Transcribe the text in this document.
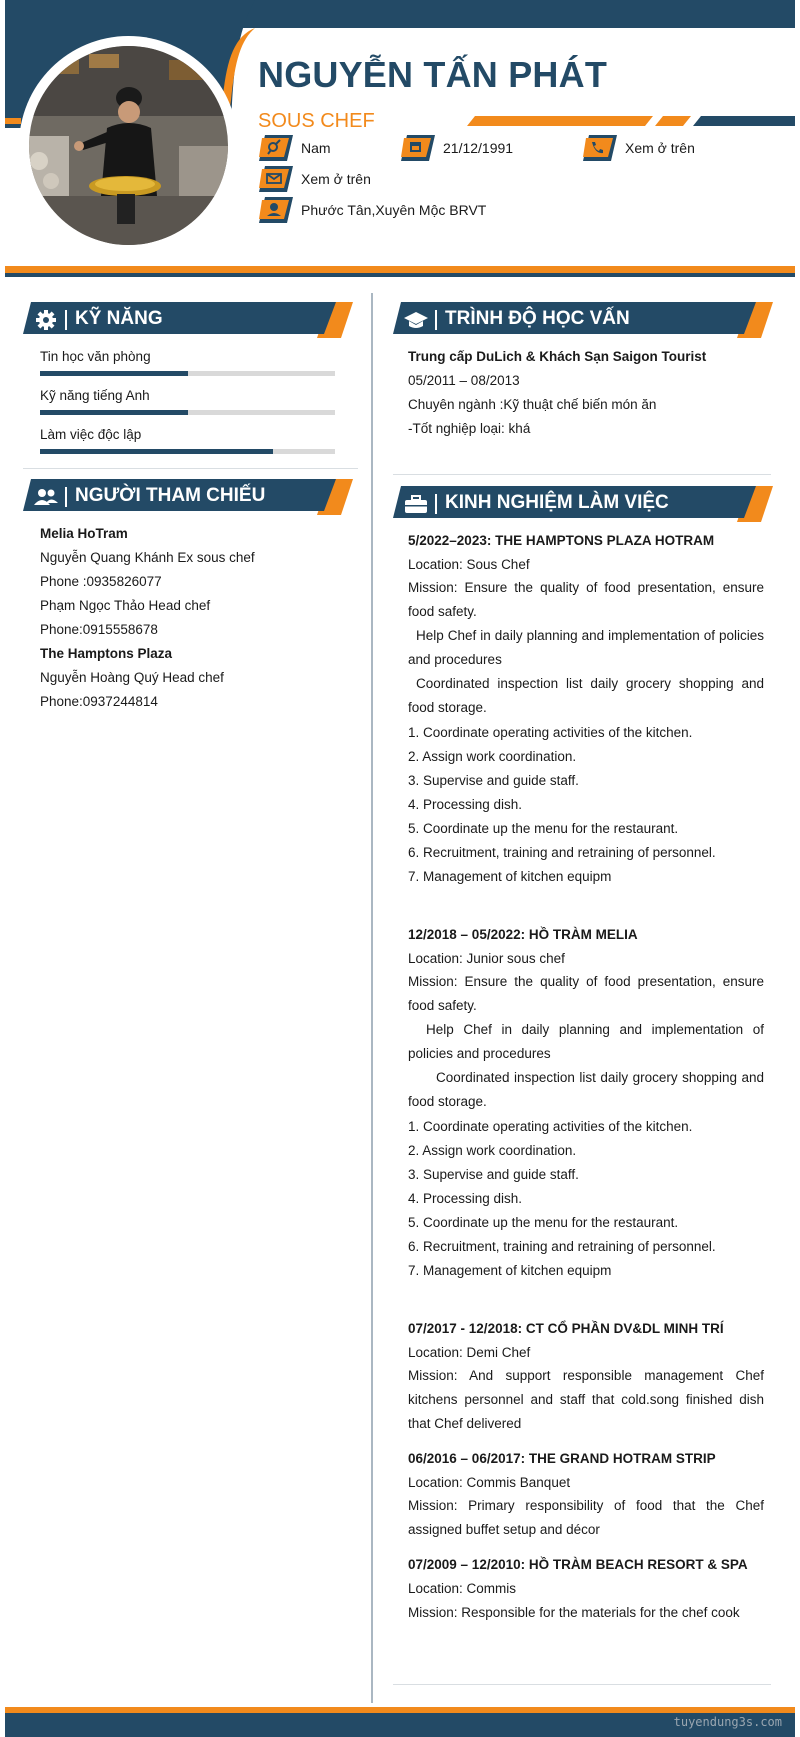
NGUYỄN TẤN PHÁT
SOUS CHEF
Nam	21/12/1991	Xem ở trên
Xem ở trên
Phước Tân,Xuyên Mộc BRVT
KỸ NĂNG
Tin học văn phòng
Kỹ năng tiếng Anh
Làm việc độc lập
NGƯỜI THAM CHIẾU
Melia HoTram
Nguyễn Quang Khánh Ex sous chef
Phone :0935826077
Phạm Ngọc Thảo Head chef
Phone:0915558678
The Hamptons Plaza
Nguyễn Hoàng Quý Head chef
Phone:0937244814
TRÌNH ĐỘ HỌC VẤN
Trung cấp DuLich & Khách Sạn Saigon Tourist
05/2011 – 08/2013
Chuyên ngành :Kỹ thuật chế biến món ăn
-Tốt nghiệp loại: khá
KINH NGHIỆM LÀM VIỆC
5/2022–2023: THE HAMPTONS PLAZA HOTRAM
Location: Sous Chef
Mission: Ensure the quality of food presentation, ensure food safety.
Help Chef in daily planning and implementation of policies and procedures
Coordinated inspection list daily grocery shopping and food storage.
1. Coordinate operating activities of the kitchen.
2. Assign work coordination.
3. Supervise and guide staff.
4. Processing dish.
5. Coordinate up the menu for the restaurant.
6. Recruitment, training and retraining of personnel.
7. Management of kitchen equipm
12/2018 – 05/2022: HỒ TRÀM MELIA
Location: Junior sous chef
Mission: Ensure the quality of food presentation, ensure food safety.
Help Chef in daily planning and implementation of policies and procedures
Coordinated inspection list daily grocery shopping and food storage.
1. Coordinate operating activities of the kitchen.
2. Assign work coordination.
3. Supervise and guide staff.
4. Processing dish.
5. Coordinate up the menu for the restaurant.
6. Recruitment, training and retraining of personnel.
7. Management of kitchen equipm
07/2017 - 12/2018: CT CỔ PHẦN DV&DL MINH TRÍ
Location: Demi Chef
Mission: And support responsible management Chef kitchens personnel and staff that cold.song finished dish that Chef delivered
06/2016 – 06/2017: THE GRAND HOTRAM STRIP
Location: Commis Banquet
Mission: Primary responsibility of food that the Chef assigned buffet setup and décor
07/2009 – 12/2010: HỒ TRÀM BEACH RESORT & SPA
Location: Commis
Mission: Responsible for the materials for the chef cook
tuyendung3s.com
